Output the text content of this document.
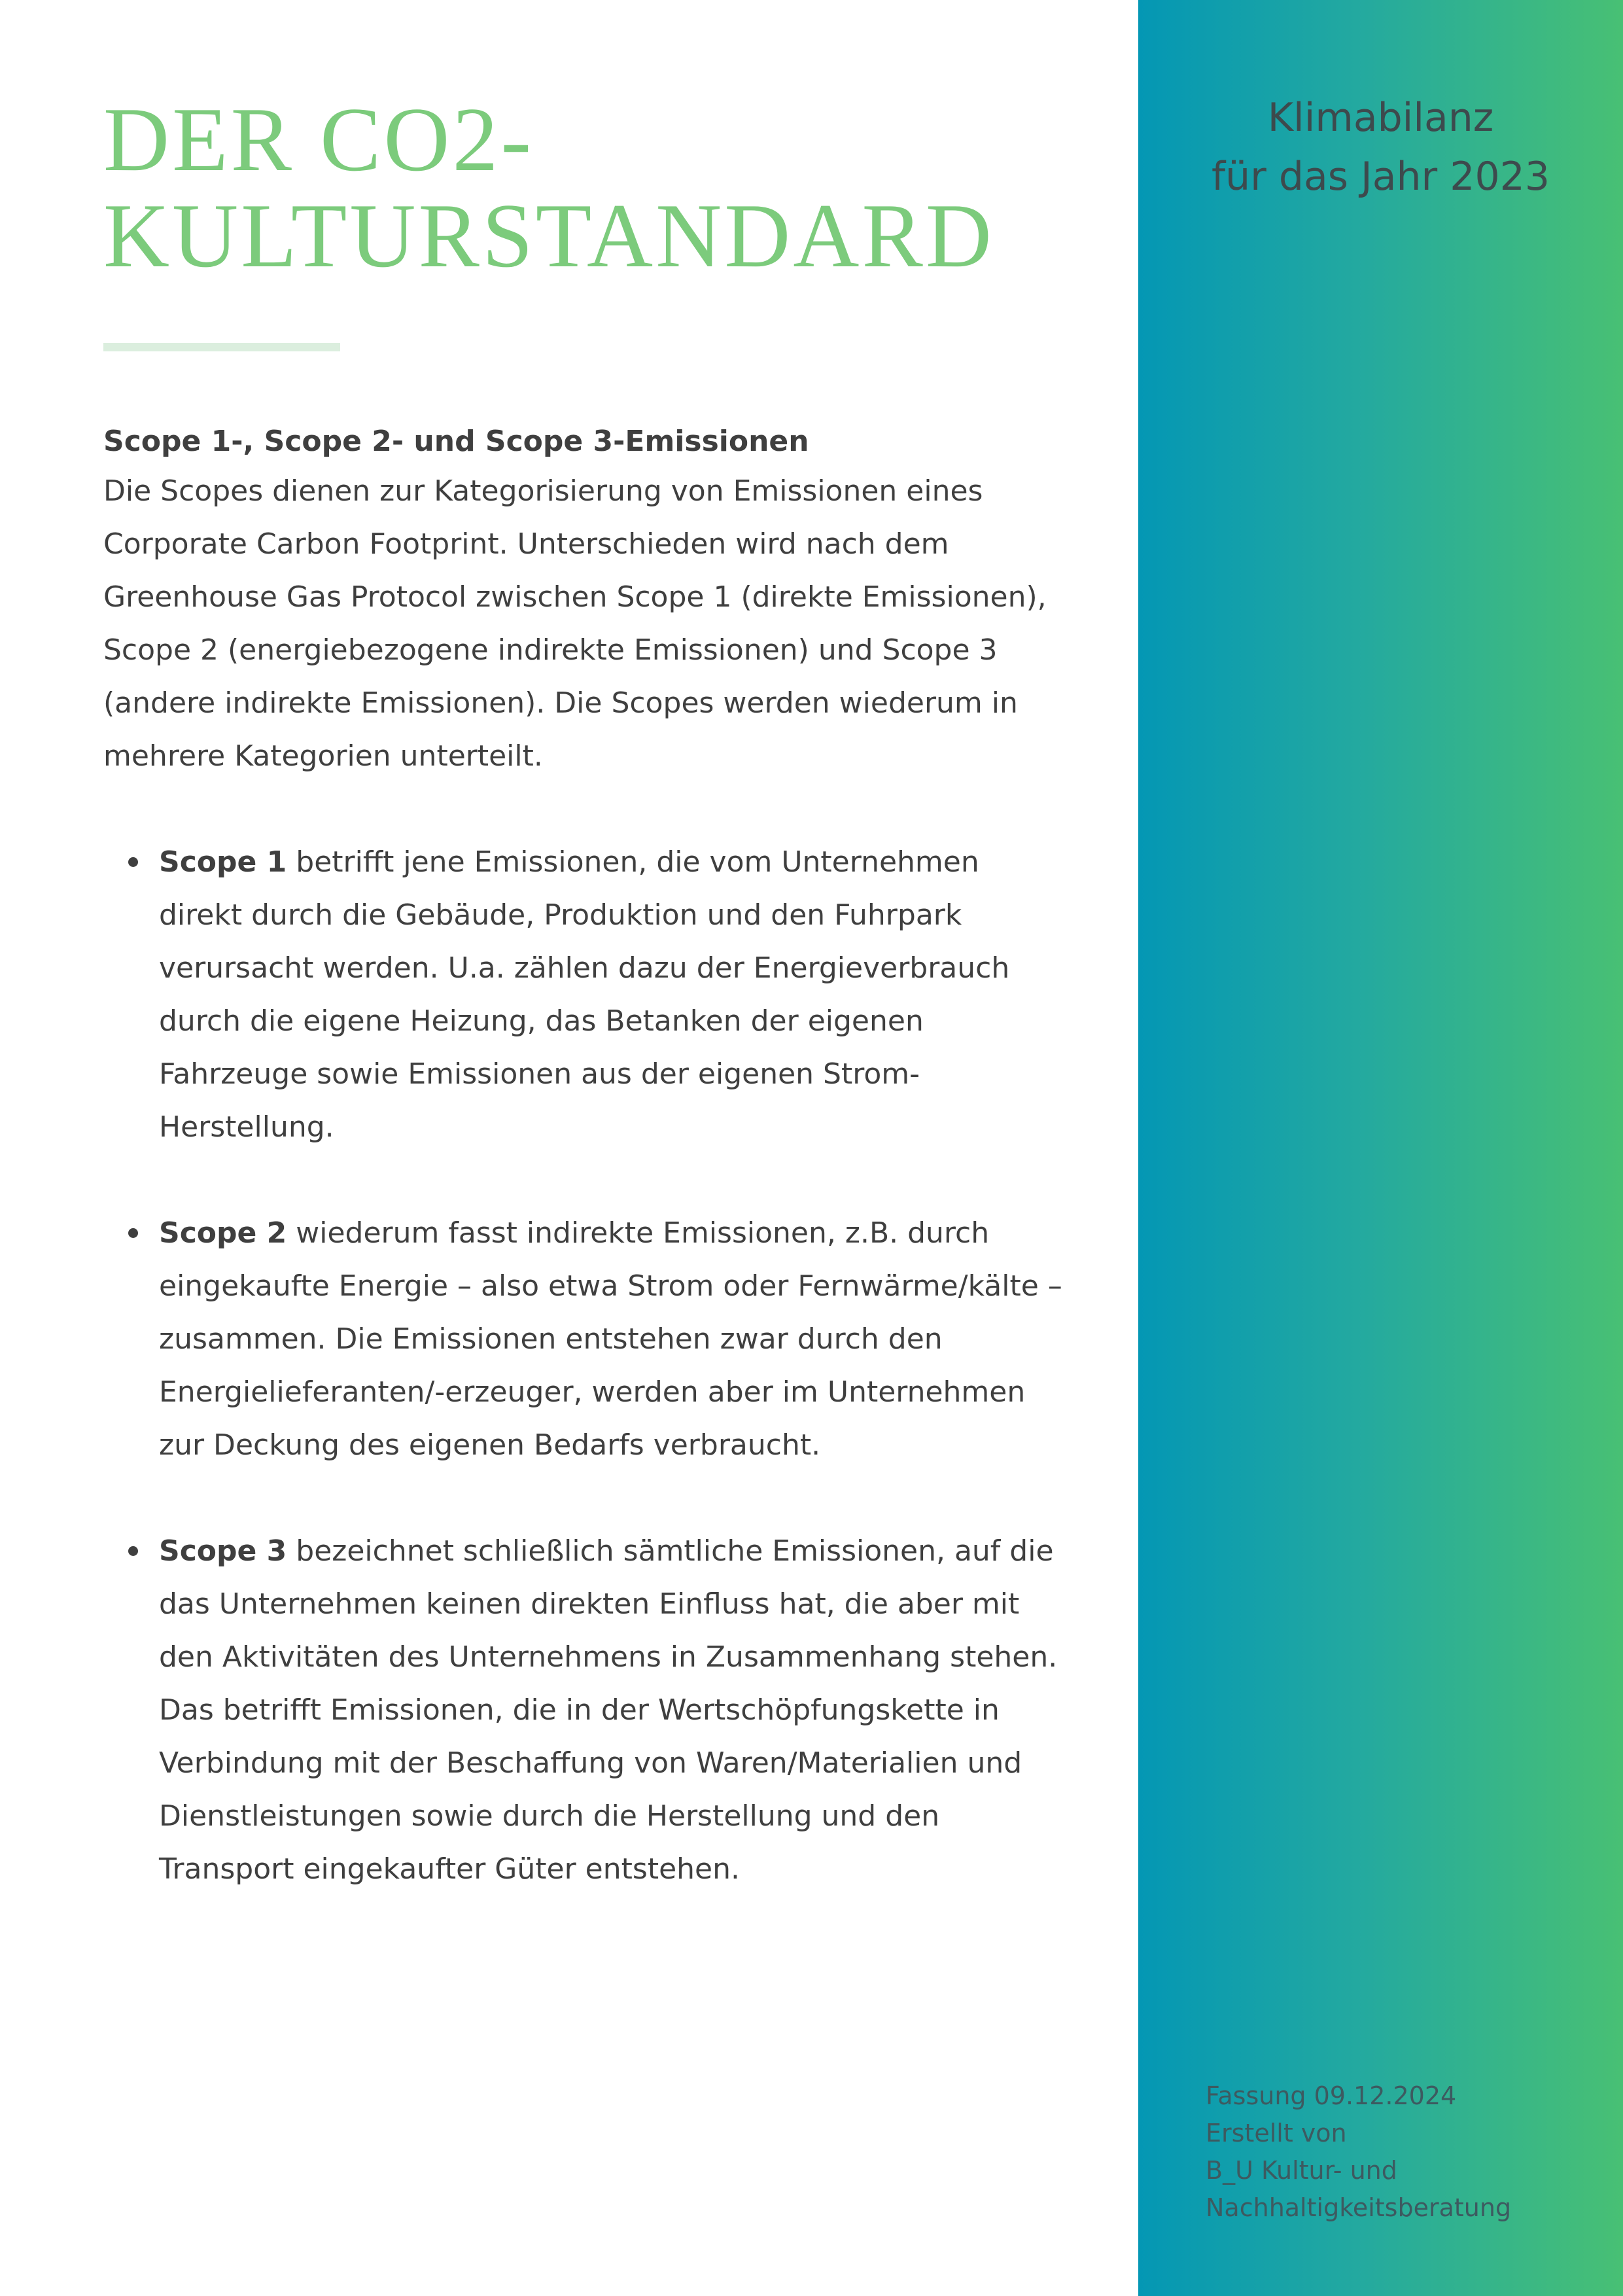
DER CO2-
KULTURSTANDARD
Scope 1-, Scope 2- und Scope 3-Emissionen

Die Scopes dienen zur Kategorisierung von Emissionen eines Corporate Carbon Footprint. Unterschieden wird nach dem Greenhouse Gas Protocol zwischen Scope 1 (direkte Emissionen), Scope 2 (energiebezogene indirekte Emissionen) und Scope 3 (andere indirekte Emissionen). Die Scopes werden wiederum in mehrere Kategorien unterteilt.

Scope 1 betrifft jene Emissionen, die vom Unternehmen direkt durch die Gebäude, Produktion und den Fuhrpark verursacht werden. U.a. zählen dazu der Energieverbrauch durch die eigene Heizung, das Betanken der eigenen Fahrzeuge sowie Emissionen aus der eigenen Strom-Herstellung.
Scope 2 wiederum fasst indirekte Emissionen, z.B. durch eingekaufte Energie – also etwa Strom oder Fernwärme/kälte – zusammen. Die Emissionen entstehen zwar durch den Energielieferanten/-erzeuger, werden aber im Unternehmen zur Deckung des eigenen Bedarfs verbraucht.
Scope 3 bezeichnet schließlich sämtliche Emissionen, auf die das Unternehmen keinen direkten Einfluss hat, die aber mit den Aktivitäten des Unternehmens in Zusammenhang stehen. Das betrifft Emissionen, die in der Wertschöpfungskette in Verbindung mit der Beschaffung von Waren/Materialien und Dienstleistungen sowie durch die Herstellung und den Transport eingekaufter Güter entstehen.
Klimabilanz
für das Jahr 2023
Fassung 09.12.2024
Erstellt von
B_U Kultur- und
Nachhaltigkeitsberatung
